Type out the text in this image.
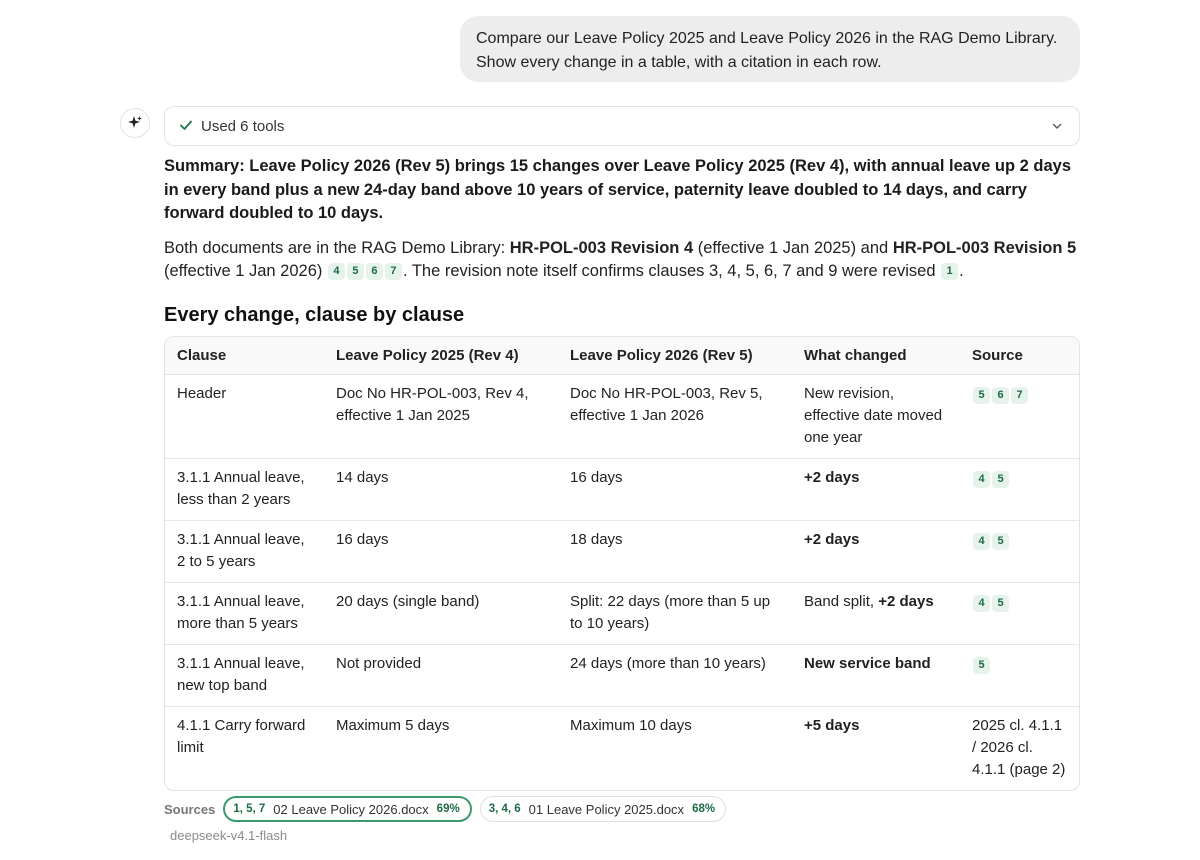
Compare our Leave Policy 2025 and Leave Policy 2026 in the RAG Demo Library.
Show every change in a table, with a citation in each row.
Used 6 tools

Summary: Leave Policy 2026 (Rev 5) brings 15 changes over Leave Policy 2025 (Rev 4), with annual leave up 2 days in every band plus a new 24-day band above 10 years of service, paternity leave doubled to 14 days, and carry forward doubled to 10 days.

Both documents are in the RAG Demo Library: HR-POL-003 Revision 4 (effective 1 Jan 2025) and HR-POL-003 Revision 5 (effective 1 Jan 2026) 4 5 6 7 . The revision note itself confirms clauses 3, 4, 5, 6, 7 and 9 were revised 1 .

Every change, clause by clause
Clause	Leave Policy 2025 (Rev 4)	Leave Policy 2026 (Rev 5)	What changed	Source
Header	Doc No HR-POL-003, Rev 4, effective 1 Jan 2025	Doc No HR-POL-003, Rev 5, effective 1 Jan 2026	New revision, effective date moved one year	5 6 7
3.1.1 Annual leave, less than 2 years	14 days	16 days	+2 days	4 5
3.1.1 Annual leave, 2 to 5 years	16 days	18 days	+2 days	4 5
3.1.1 Annual leave, more than 5 years	20 days (single band)	Split: 22 days (more than 5 up to 10 years)	Band split, +2 days	4 5
3.1.1 Annual leave, new top band	Not provided	24 days (more than 10 years)	New service band	5
4.1.1 Carry forward limit	Maximum 5 days	Maximum 10 days	+5 days	2025 cl. 4.1.1 / 2026 cl. 4.1.1 (page 2)
Sources 1, 5, 7 02 Leave Policy 2026.docx 69%	3, 4, 6 01 Leave Policy 2025.docx 68%
deepseek-v4.1-flash
